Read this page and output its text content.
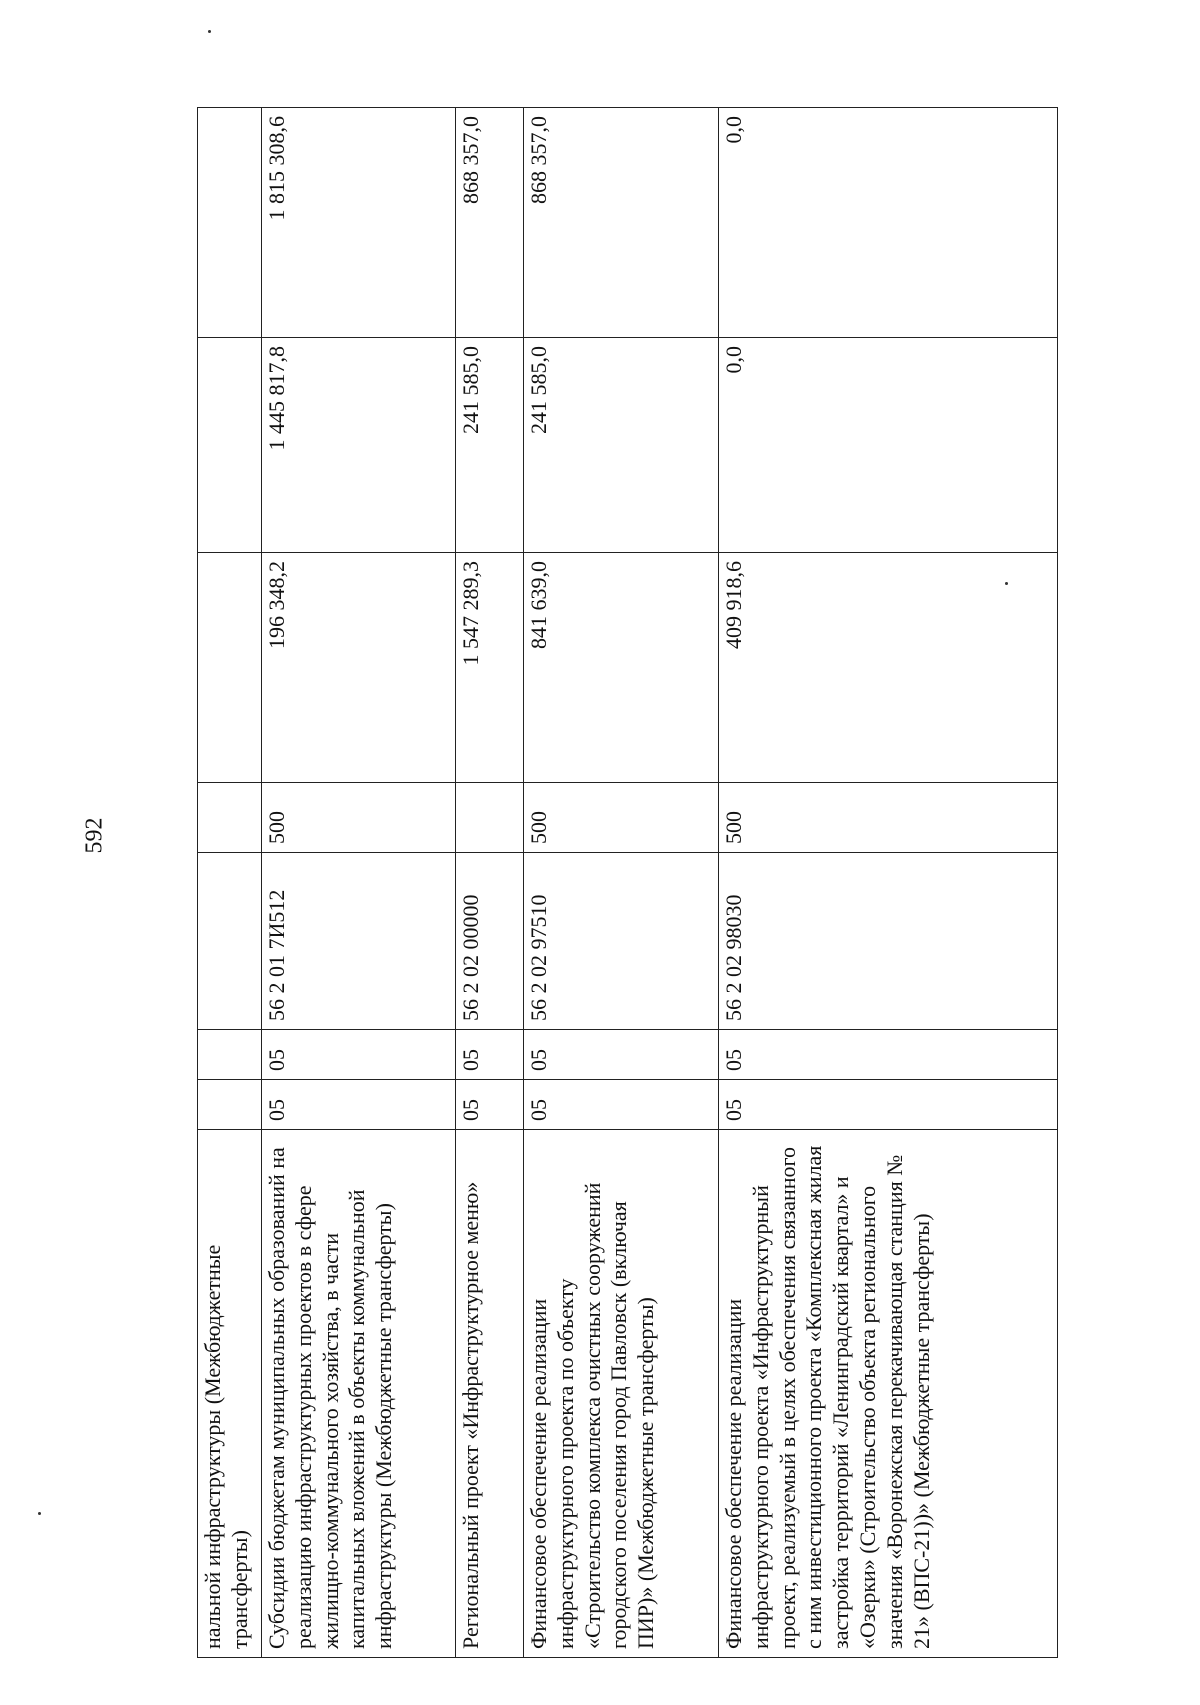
592
нальной инфраструктуры (Межбюджетные трансферты)							
Субсидии бюджетам муниципальных образований на реализацию инфраструктурных проектов в сфере жилищно-коммунального хозяйства, в части капитальных вложений в объекты коммунальной инфраструктуры (Межбюджетные трансферты)	05	05	56 2 01 7И512	500	196 348,2	1 445 817,8	1 815 308,6
Региональный проект «Инфраструктурное меню»	05	05	56 2 02 00000		1 547 289,3	241 585,0	868 357,0
Финансовое обеспечение реализации инфраструктурного проекта по объекту «Строительство комплекса очистных сооружений городского поселения город Павловск (включая ПИР)» (Межбюджетные трансферты)	05	05	56 2 02 97510	500	841 639,0	241 585,0	868 357,0
Финансовое обеспечение реализации инфраструктурного проекта «Инфраструктурный проект, реализуемый в целях обеспечения связанного с ним инвестиционного проекта «Комплексная жилая застройка территорий «Ленинградский квартал» и «Озерки» (Строительство объекта регионального значения «Воронежская перекачивающая станция № 21» (ВПС-21))» (Межбюджетные трансферты)	05	05	56 2 02 98030	500	409 918,6	0,0	0,0
